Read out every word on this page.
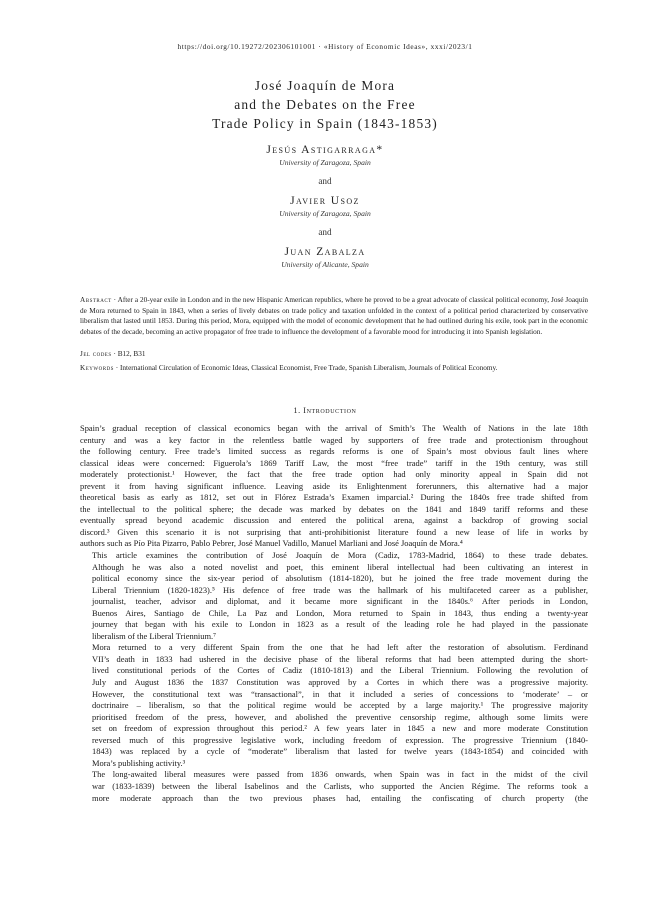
https://doi.org/10.19272/202306101001 · «History of Economic Ideas», xxxi/2023/1
José Joaquín de Mora
and the Debates on the Free
Trade Policy in Spain (1843-1853)
Jesús Astigarraga*
University of Zaragoza, Spain
and
Javier Usoz
University of Zaragoza, Spain
and
Juan Zabalza
University of Alicante, Spain
Abstract · After a 20-year exile in London and in the new Hispanic American republics, where he proved to be a great advocate of classical political economy, José Joaquín de Mora returned to Spain in 1843, when a series of lively debates on trade policy and taxation unfolded in the context of a political period characterized by conservative liberalism that lasted until 1853. During this period, Mora, equipped with the model of economic development that he had outlined during his exile, took part in the economic debates of the decade, becoming an active propagator of free trade to influence the development of a favorable mood for introducing it into Spanish legislation.
Jel codes · B12, B31
Keywords · International Circulation of Economic Ideas, Classical Economist, Free Trade, Spanish Liberalism, Journals of Political Economy.
1. Introduction

Spain’s gradual reception of classical economics began with the arrival of Smith’s The Wealth of Nations in the late 18th
century and was a key factor in the relentless battle waged by supporters of free trade and protectionism throughout
the following century. Free trade’s limited success as regards reforms is one of Spain’s most obvious fault lines where
classical ideas were concerned: Figuerola’s 1869 Tariff Law, the most “free trade” tariff in the 19th century, was still
moderately protectionist.¹ However, the fact that the free trade option had only minority appeal in Spain did not
prevent it from having significant influence. Leaving aside its Enlightenment forerunners, this alternative had a major
theoretical basis as early as 1812, set out in Flórez Estrada’s Examen imparcial.² During the 1840s free trade shifted from
the intellectual to the political sphere; the decade was marked by debates on the 1841 and 1849 tariff reforms and these
eventually spread beyond academic discussion and entered the political arena, against a backdrop of growing social
discord.³ Given this scenario it is not surprising that anti-prohibitionist literature found a new lease of life in works by
authors such as Pío Pita Pizarro, Pablo Pebrer, José Manuel Vadillo, Manuel Marliani and José Joaquín de Mora.⁴

This article examines the contribution of José Joaquín de Mora (Cadiz, 1783-Madrid, 1864) to these trade debates.
Although he was also a noted novelist and poet, this eminent liberal intellectual had been cultivating an interest in
political economy since the six-year period of absolutism (1814-1820), but he joined the free trade movement during the
Liberal Triennium (1820-1823).⁵ His defence of free trade was the hallmark of his multifaceted career as a publisher,
journalist, teacher, advisor and diplomat, and it became more significant in the 1840s.⁶ After periods in London,
Buenos Aires, Santiago de Chile, La Paz and London, Mora returned to Spain in 1843, thus ending a twenty-year
journey that began with his exile to London in 1823 as a result of the leading role he had played in the passionate
liberalism of the Liberal Triennium.⁷

Mora returned to a very different Spain from the one that he had left after the restoration of absolutism. Ferdinand
VII’s death in 1833 had ushered in the decisive phase of the liberal reforms that had been attempted during the short-
lived constitutional periods of the Cortes of Cadiz (1810-1813) and the Liberal Triennium. Following the revolution of
July and August 1836 the 1837 Constitution was approved by a Cortes in which there was a progressive majority.
However, the constitutional text was “transactional”, in that it included a series of concessions to ‘moderate’ – or
doctrinaire – liberalism, so that the political regime would be accepted by a large majority.¹ The progressive majority
prioritised freedom of the press, however, and abolished the preventive censorship regime, although some limits were
set on freedom of expression throughout this period.² A few years later in 1845 a new and more moderate Constitution
reversed much of this progressive legislative work, including freedom of expression. The progressive Triennium (1840-
1843) was replaced by a cycle of “moderate” liberalism that lasted for twelve years (1843-1854) and coincided with
Mora’s publishing activity.³

The long-awaited liberal measures were passed from 1836 onwards, when Spain was in fact in the midst of the civil
war (1833-1839) between the liberal Isabelinos and the Carlists, who supported the Ancien Régime. The reforms took a
more moderate approach than the two previous phases had, entailing the confiscating of church property (the
